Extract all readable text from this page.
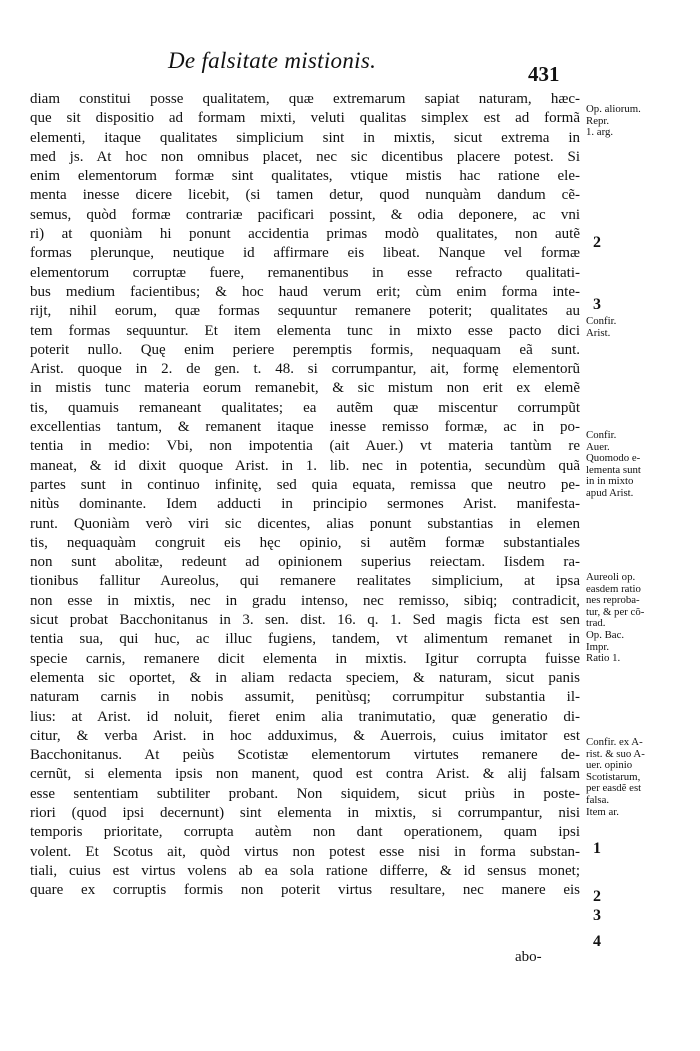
De falsitate mistionis.
431
diam constitui posse qualitatem, quæ extremarum sapiat naturam, hæc-
que sit dispositio ad formam mixti, veluti qualitas simplex est ad formã
elementi, itaque qualitates simplicium sint in mixtis, sicut extrema in
med js. At hoc non omnibus placet, nec sic dicentibus placere potest. Si
enim elementorum formæ sint qualitates, vtique mistis hac ratione ele-
menta inesse dicere licebit, (si tamen detur, quod nunquàm dandum cẽ-
semus, quòd formæ contrariæ pacificari possint, & odia deponere, ac vni
ri) at quoniàm hi ponunt accidentia primas modò qualitates, non autẽ
formas plerunque, neutique id affirmare eis libeat. Nanque vel formæ
elementorum corruptæ fuere, remanentibus in esse refracto qualitati-
bus medium facientibus; & hoc haud verum erit; cùm enim forma inte-
rijt, nihil eorum, quæ formas sequuntur remanere poterit; qualitates au
tem formas sequuntur. Et item elementa tunc in mixto esse pacto dici
poterit nullo. Quę enim periere peremptis formis, nequaquam eã sunt.
Arist. quoque in 2. de gen. t. 48. si corrumpantur, ait, formę elementorũ
in mistis tunc materia eorum remanebit, & sic mistum non erit ex elemẽ
tis, quamuis remaneant qualitates; ea autẽm quæ miscentur corrumpũt
excellentias tantum, & remanent itaque inesse remisso formæ, ac in po-
tentia in medio: Vbi, non impotentia (ait Auer.) vt materia tantùm re
maneat, & id dixit quoque Arist. in 1. lib. nec in potentia, secundùm quã
partes sunt in continuo infinitę, sed quia equata, remissa que neutro pe-
nitùs dominante. Idem adducti in principio sermones Arist. manifesta-
runt. Quoniàm verò viri sic dicentes, alias ponunt substantias in elemen
tis, nequaquàm congruit eis hęc opinio, si autẽm formæ substantiales
non sunt abolitæ, redeunt ad opinionem superius reiectam. Iisdem ra-
tionibus fallitur Aureolus, qui remanere realitates simplicium, at ipsa
non esse in mixtis, nec in gradu intenso, nec remisso, sibiq; contradicit,
sicut probat Bacchonitanus in 3. sen. dist. 16. q. 1. Sed magis ficta est sen
tentia sua, qui huc, ac illuc fugiens, tandem, vt alimentum remanet in
specie carnis, remanere dicit elementa in mixtis. Igitur corrupta fuisse
elementa sic oportet, & in aliam redacta speciem, & naturam, sicut panis
naturam carnis in nobis assumit, penitùsq; corrumpitur substantia il-
lius: at Arist. id noluit, fieret enim alia tranimutatio, quæ generatio di-
citur, & verba Arist. in hoc adduximus, & Auerrois, cuius imitator est
Bacchonitanus. At peiùs Scotistæ elementorum virtutes remanere de-
cernũt, si elementa ipsis non manent, quod est contra Arist. & alij falsam
esse sententiam subtiliter probant. Non siquidem, sicut priùs in poste-
riori (quod ipsi decernunt) sint elementa in mixtis, si corrumpantur, nisi
temporis prioritate, corrupta autèm non dant operationem, quam ipsi
volent. Et Scotus ait, quòd virtus non potest esse nisi in forma substan-
tiali, cuius est virtus volens ab ea sola ratione differre, & id sensus monet;
quare ex corruptis formis non poterit virtus resultare, nec manere eis
abo-
Op. aliorum.
Repr.
1. arg.
Confir.
Arist.
Confir.
Auer.
Quomodo e-
lementa sunt
in in mixto
apud Arist.
Aureoli op.
easdem ratio
nes reproba-
tur, & per cõ-
trad.
Op. Bac.
Impr.
Ratio 1.
Confir. ex A-
rist. & suo A-
uer. opinio
Scotistarum,
per easdẽ est
falsa.
Item ar.
2
3
1
2
3
4
